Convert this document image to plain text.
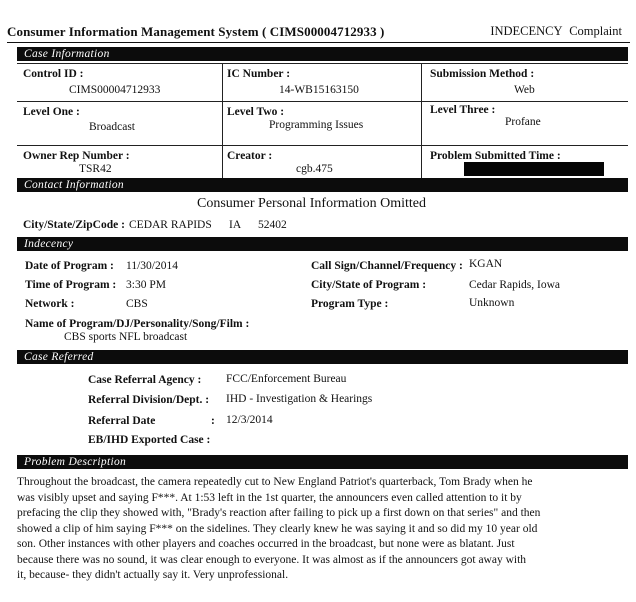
Consumer Information Management System ( CIMS00004712933 )	INDECENCY Complaint
Case Information
Control ID :
CIMS00004712933
IC Number :
14-WB15163150
Submission Method :
Web
Level One :
Broadcast
Level Two :
Programming Issues
Level Three :
Profane
Owner Rep Number :
TSR42
Creator :
cgb.475
Problem Submitted Time :
Contact Information
Consumer Personal Information Omitted
City/State/ZipCode : CEDAR RAPIDS IA 52402
Indecency
Date of Program : 11/30/2014
Time of Program : 3:30 PM
Network :	CBS
Call Sign/Channel/Frequency : KGAN
City/State of Program :	Cedar Rapids, Iowa
Program Type :	Unknown
Name of Program/DJ/Personality/Song/Film :
CBS sports NFL broadcast
Case Referred
Case Referral Agency : FCC/Enforcement Bureau
Referral Division/Dept. : IHD - Investigation & Hearings
Referral Date	: 12/3/2014
EB/IHD Exported Case :
Problem Description
Throughout the broadcast, the camera repeatedly cut to New England Patriot's quarterback, Tom Brady when he
was visibly upset and saying F***. At 1:53 left in the 1st quarter, the announcers even called attention to it by
prefacing the clip they showed with, "Brady's reaction after failing to pick up a first down on that series" and then
showed a clip of him saying F*** on the sidelines. They clearly knew he was saying it and so did my 10 year old
son. Other instances with other players and coaches occurred in the broadcast, but none were as blatant. Just
because there was no sound, it was clear enough to everyone. It was almost as if the announcers got away with
it, because- they didn't actually say it. Very unprofessional.
